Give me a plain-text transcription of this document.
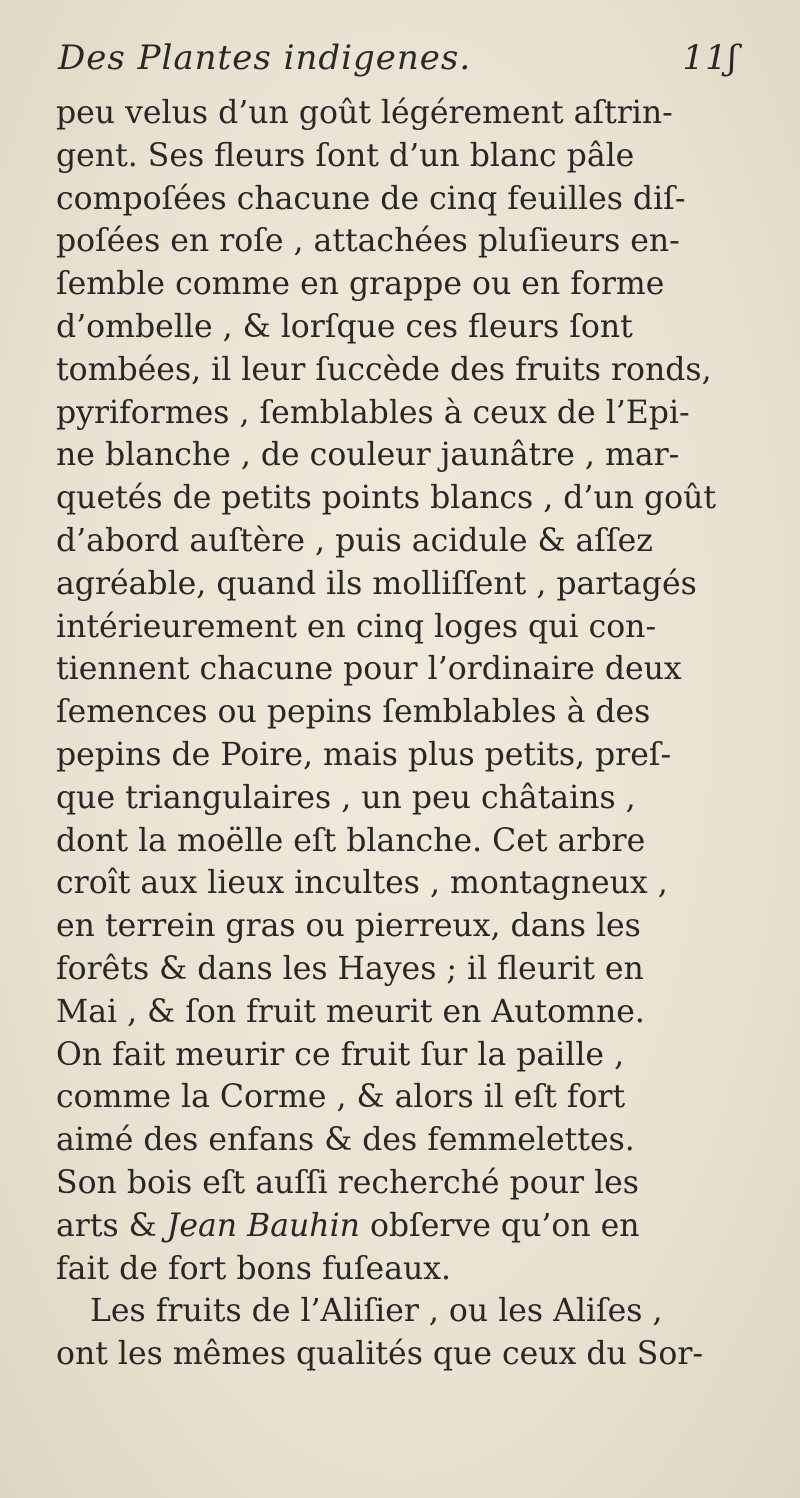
Des Plantes indigenes.	11ʃ
peu velus d’un goût légérement aſtrin-
gent. Ses fleurs ſont d’un blanc pâle
compoſées chacune de cinq feuilles diſ-
poſées en roſe , attachées pluſieurs en-
ſemble comme en grappe ou en forme
d’ombelle , & lorſque ces fleurs ſont
tombées, il leur ſuccède des fruits ronds,
pyriformes , ſemblables à ceux de l’Epi-
ne blanche , de couleur jaunâtre , mar-
quetés de petits points blancs , d’un goût
d’abord auſtère , puis acidule & aſſez
agréable, quand ils molliſſent , partagés
intérieurement en cinq loges qui con-
tiennent chacune pour l’ordinaire deux
ſemences ou pepins ſemblables à des
pepins de Poire, mais plus petits, preſ-
que triangulaires , un peu châtains ,
dont la moëlle eſt blanche. Cet arbre
croît aux lieux incultes , montagneux ,
en terrein gras ou pierreux, dans les
forêts & dans les Hayes ; il fleurit en
Mai , & ſon fruit meurit en Automne.
On fait meurir ce fruit ſur la paille ,
comme la Corme , & alors il eſt fort
aimé des enfans & des femmelettes.
Son bois eſt auſſi recherché pour les
arts & Jean Bauhin obſerve qu’on en
fait de fort bons fuſeaux.
Les fruits de l’Aliſier , ou les Aliſes ,
ont les mêmes qualités que ceux du Sor-
